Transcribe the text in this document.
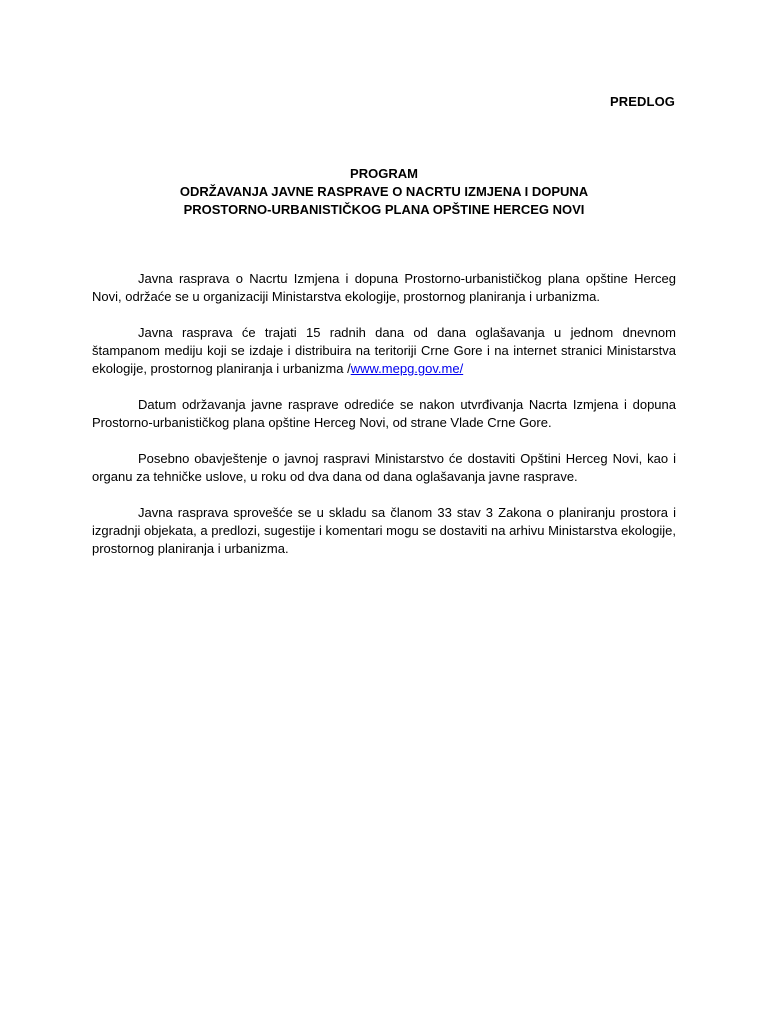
PREDLOG
PROGRAM
ODRŽAVANJA JAVNE RASPRAVE O NACRTU IZMJENA I DOPUNA
PROSTORNO-URBANISTIČKOG PLANA OPŠTINE HERCEG NOVI

Javna rasprava o Nacrtu Izmjena i dopuna Prostorno-urbanističkog plana opštine Herceg Novi, održaće se u organizaciji Ministarstva ekologije, prostornog planiranja i urbanizma.

Javna rasprava će trajati 15 radnih dana od dana oglašavanja u jednom dnevnom štampanom mediju koji se izdaje i distribuira na teritoriji Crne Gore i na internet stranici Ministarstva ekologije, prostornog planiranja i urbanizma /www.mepg.gov.me/

Datum održavanja javne rasprave odrediće se nakon utvrđivanja Nacrta Izmjena i dopuna Prostorno-urbanističkog plana opštine Herceg Novi, od strane Vlade Crne Gore.

Posebno obavještenje o javnoj raspravi Ministarstvo će dostaviti Opštini Herceg Novi, kao i organu za tehničke uslove, u roku od dva dana od dana oglašavanja javne rasprave.

Javna rasprava sprovešće se u skladu sa članom 33 stav 3 Zakona o planiranju prostora i izgradnji objekata, a predlozi, sugestije i komentari mogu se dostaviti na arhivu Ministarstva ekologije, prostornog planiranja i urbanizma.
